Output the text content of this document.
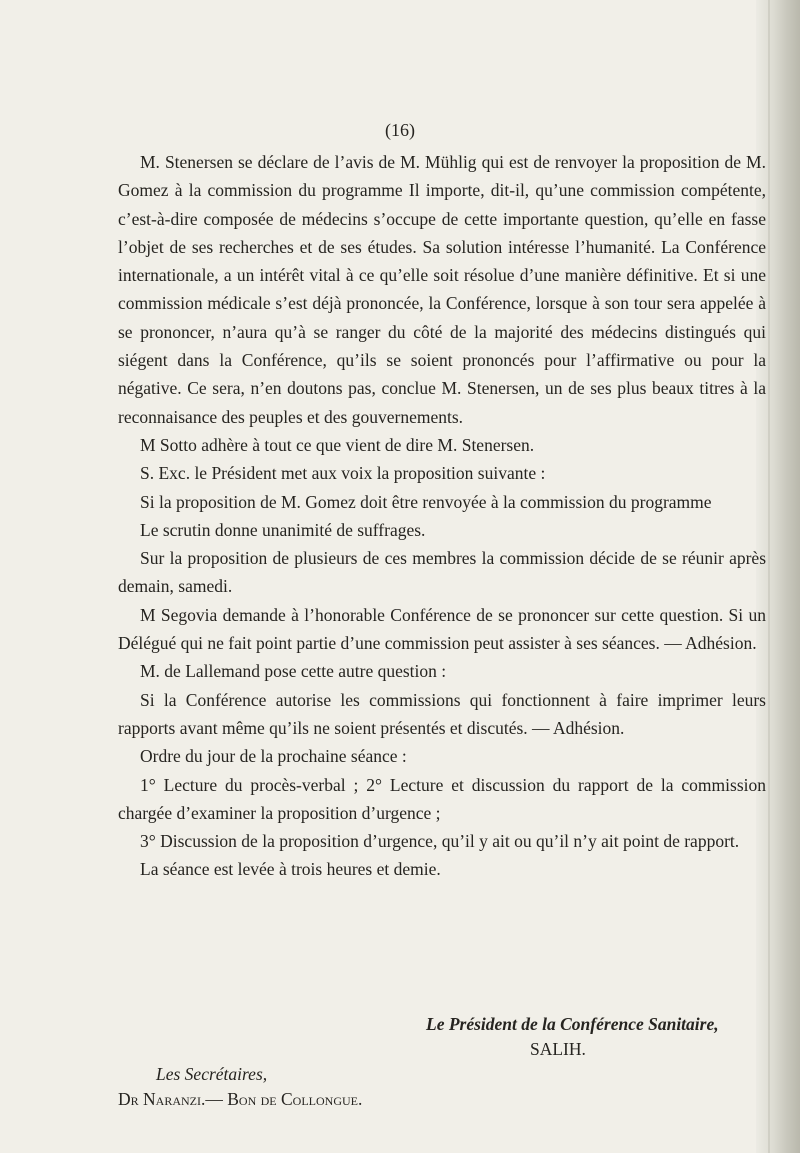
(16)

M. Stenersen se déclare de l’avis de M. Mühlig qui est de renvoyer la proposition de M. Gomez à la commission du programme Il importe, dit-il, qu’une commission compétente, c’est-à-dire composée de médecins s’occupe de cette importante question, qu’elle en fasse l’objet de ses recherches et de ses études. Sa solution intéresse l’humanité. La Conférence internationale, a un intérêt vital à ce qu’elle soit résolue d’une manière définitive. Et si une commission médicale s’est déjà prononcée, la Conférence, lorsque à son tour sera appelée à se prononcer, n’aura qu’à se ranger du côté de la majorité des médecins distingués qui siégent dans la Conférence, qu’ils se soient prononcés pour l’affirmative ou pour la négative. Ce sera, n’en doutons pas, conclue M. Stenersen, un de ses plus beaux titres à la reconnaisance des peuples et des gouvernements.

M Sotto adhère à tout ce que vient de dire M. Stenersen.

S. Exc. le Président met aux voix la proposition suivante :

Si la proposition de M. Gomez doit être renvoyée à la commission du programme

Le scrutin donne unanimité de suffrages.

Sur la proposition de plusieurs de ces membres la commission décide de se réunir après demain, samedi.

M Segovia demande à l’honorable Conférence de se prononcer sur cette question. Si un Délégué qui ne fait point partie d’une commission peut assister à ses séances. — Adhésion.

M. de Lallemand pose cette autre question :

Si la Conférence autorise les commissions qui fonctionnent à faire imprimer leurs rapports avant même qu’ils ne soient présentés et discutés. — Adhésion.

Ordre du jour de la prochaine séance :

1° Lecture du procès-verbal ; 2° Lecture et discussion du rapport de la commission chargée d’examiner la proposition d’urgence ;

3° Discussion de la proposition d’urgence, qu’il y ait ou qu’il n’y ait point de rapport.

La séance est levée à trois heures et demie.

Le Président de la Conférence Sanitaire,
SALIH.
Les Secrétaires,
Dr Naranzi.— Bon de Collongue.
